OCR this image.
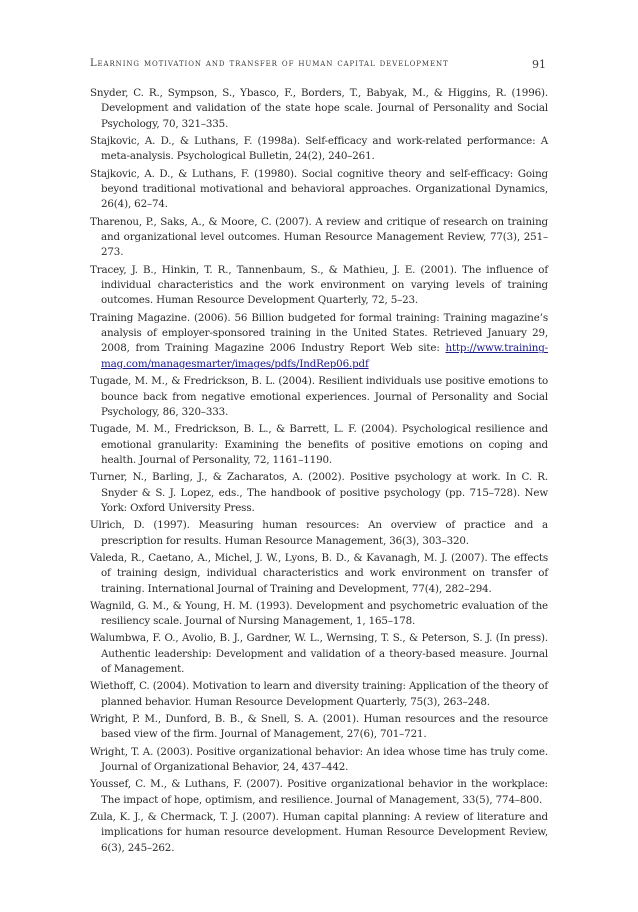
Learning motivation and transfer of human capital development	91
Snyder, C. R., Sympson, S., Ybasco, F., Borders, T., Babyak, M., & Higgins, R. (1996). Development and validation of the state hope scale. Journal of Personality and Social Psychology, 70, 321–335.
Stajkovic, A. D., & Luthans, F. (1998a). Self-efficacy and work-related performance: A meta-analysis. Psychological Bulletin, 24(2), 240–261.
Stajkovic, A. D., & Luthans, F. (19980). Social cognitive theory and self-efficacy: Going beyond traditional motivational and behavioral approaches. Organizational Dynamics, 26(4), 62–74.
Tharenou, P., Saks, A., & Moore, C. (2007). A review and critique of research on training and organizational level outcomes. Human Resource Management Review, 77(3), 251–273.
Tracey, J. B., Hinkin, T. R., Tannenbaum, S., & Mathieu, J. E. (2001). The influence of individual characteristics and the work environment on varying levels of training outcomes. Human Resource Development Quarterly, 72, 5–23.
Training Magazine. (2006). 56 Billion budgeted for formal training: Training magazine’s analysis of employer-sponsored training in the United States. Retrieved January 29, 2008, from Training Magazine 2006 Industry Report Web site: http://www.training-mag.com/managesmarter/images/pdfs/IndRep06.pdf
Tugade, M. M., & Fredrickson, B. L. (2004). Resilient individuals use positive emotions to bounce back from negative emotional experiences. Journal of Personality and Social Psychology, 86, 320–333.
Tugade, M. M., Fredrickson, B. L., & Barrett, L. F. (2004). Psychological resilience and emotional granularity: Examining the benefits of positive emotions on coping and health. Journal of Personality, 72, 1161–1190.
Turner, N., Barling, J., & Zacharatos, A. (2002). Positive psychology at work. In C. R. Snyder & S. J. Lopez, eds., The handbook of positive psychology (pp. 715–728). New York: Oxford University Press.
Ulrich, D. (1997). Measuring human resources: An overview of practice and a prescription for results. Human Resource Management, 36(3), 303–320.
Valeda, R., Caetano, A., Michel, J. W., Lyons, B. D., & Kavanagh, M. J. (2007). The effects of training design, individual characteristics and work environment on transfer of training. International Journal of Training and Development, 77(4), 282–294.
Wagnild, G. M., & Young, H. M. (1993). Development and psychometric evaluation of the resiliency scale. Journal of Nursing Management, 1, 165–178.
Walumbwa, F. O., Avolio, B. J., Gardner, W. L., Wernsing, T. S., & Peterson, S. J. (In press). Authentic leadership: Development and validation of a theory-based measure. Journal of Management.
Wiethoff, C. (2004). Motivation to learn and diversity training: Application of the theory of planned behavior. Human Resource Development Quarterly, 75(3), 263–248.
Wright, P. M., Dunford, B. B., & Snell, S. A. (2001). Human resources and the resource based view of the firm. Journal of Management, 27(6), 701–721.
Wright, T. A. (2003). Positive organizational behavior: An idea whose time has truly come. Journal of Organizational Behavior, 24, 437–442.
Youssef, C. M., & Luthans, F. (2007). Positive organizational behavior in the workplace: The impact of hope, optimism, and resilience. Journal of Management, 33(5), 774–800.
Zula, K. J., & Chermack, T. J. (2007). Human capital planning: A review of literature and implications for human resource development. Human Resource Development Review, 6(3), 245–262.
